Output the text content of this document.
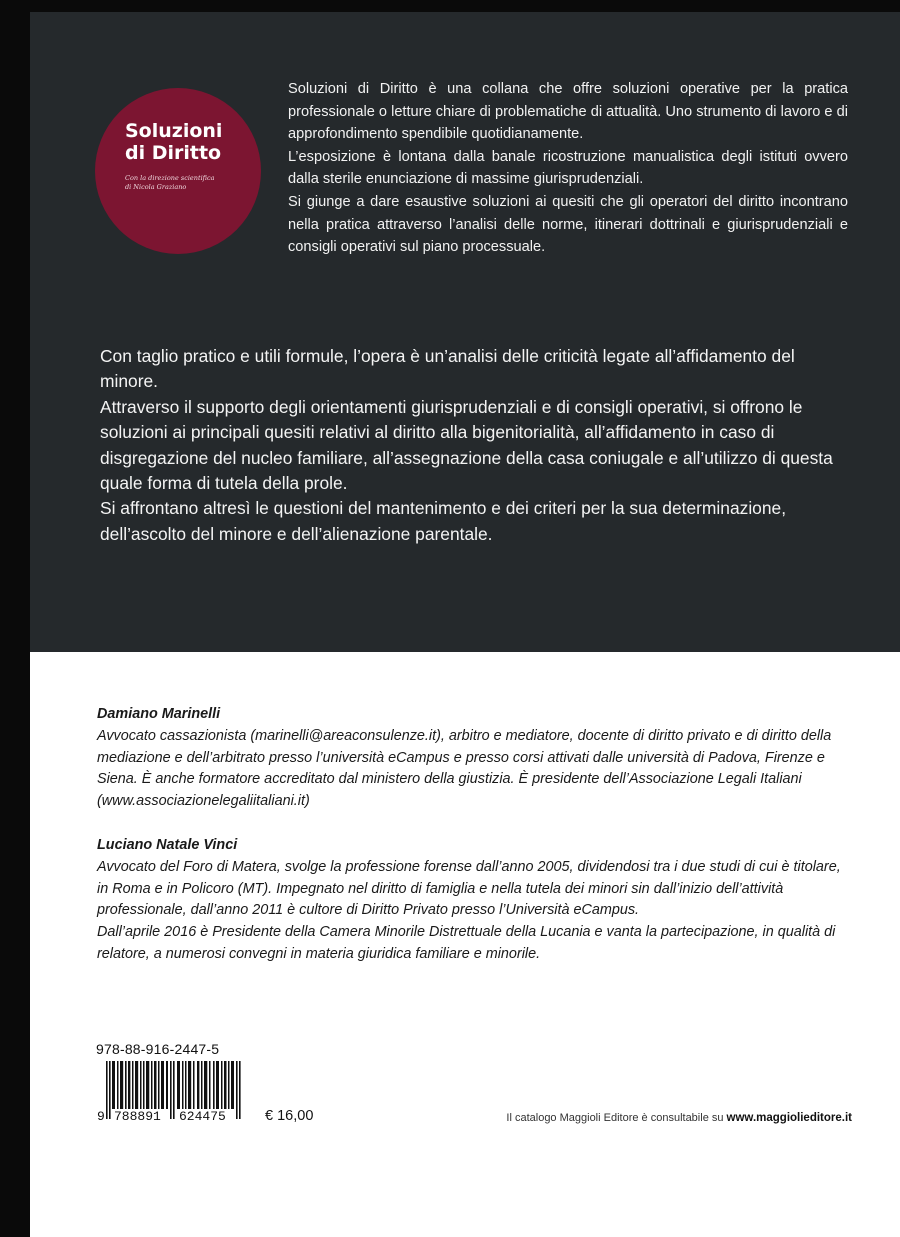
Soluzioni
di Diritto
Con la direzione scientifica
di Nicola Graziano

Soluzioni di Diritto è una collana che offre soluzioni operative per la pratica professionale o letture chiare di problematiche di attualità. Uno strumento di lavoro e di approfondimento spendibile quotidianamente.

L’esposizione è lontana dalla banale ricostruzione manualistica degli istituti ovvero dalla sterile enunciazione di massime giurisprudenziali.

Si giunge a dare esaustive soluzioni ai quesiti che gli operatori del diritto incontrano nella pratica attraverso l’analisi delle norme, itinerari dottrinali e giurisprudenziali e consigli operativi sul piano processuale.

Con taglio pratico e utili formule, l’opera è un’analisi delle criticità legate all’affidamento del minore.

Attraverso il supporto degli orientamenti giurisprudenziali e di consigli operativi, si offrono le soluzioni ai principali quesiti relativi al diritto alla bigenitorialità, all’affidamento in caso di disgregazione del nucleo familiare, all’assegnazione della casa coniugale e all’utilizzo di questa quale forma di tutela della prole.

Si affrontano altresì le questioni del mantenimento e dei criteri per la sua determinazione, dell’ascolto del minore e dell’alienazione parentale.

Damiano Marinelli

Avvocato cassazionista (marinelli@areaconsulenze.it), arbitro e mediatore, docente di diritto privato e di diritto della mediazione e dell’arbitrato presso l’università eCampus e presso corsi attivati dalle università di Padova, Firenze e Siena. È anche formatore accreditato dal ministero della giustizia. È presidente dell’Associazione Legali Italiani (www.associazionelegaliitaliani.it)

Luciano Natale Vinci

Avvocato del Foro di Matera, svolge la professione forense dall’anno 2005, dividendosi tra i due studi di cui è titolare, in Roma e in Policoro (MT). Impegnato nel diritto di famiglia e nella tutela dei minori sin dall’inizio dell’attività professionale, dall’anno 2011 è cultore di Diritto Privato presso l’Università eCampus.

Dall’aprile 2016 è Presidente della Camera Minorile Distrettuale della Lucania e vanta la partecipazione, in qualità di relatore, a numerosi convegni in materia giuridica familiare e minorile.

978-88-916-2447-5
9 788891 624475	€ 16,00	Il catalogo Maggioli Editore è consultabile su www.maggiolieditore.it
